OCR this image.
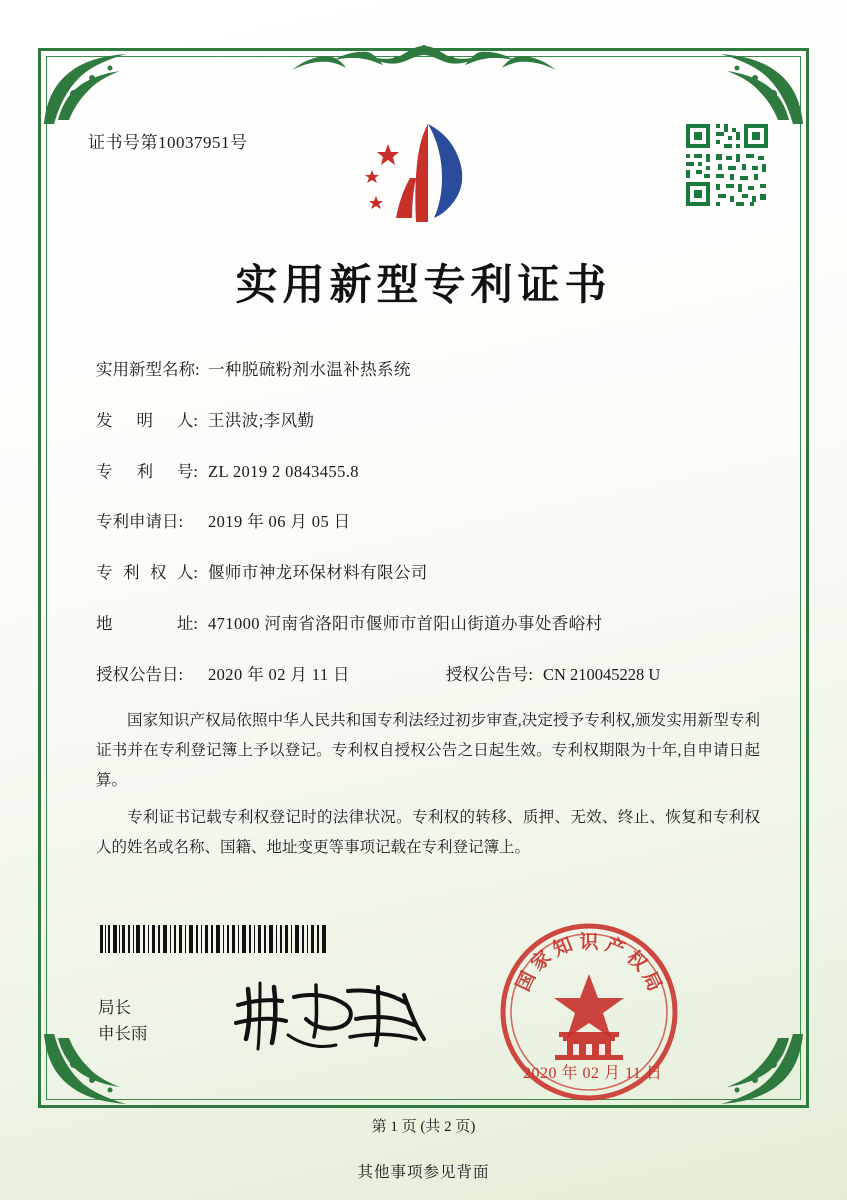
证书号第10037951号
实用新型专利证书
实用新型名称: 一种脱硫粉剂水温补热系统
发 明 人: 王洪波;李风勤
专 利 号: ZL 2019 2 0843455.8
专利申请日:	2019 年 06 月 05 日
专 利 权 人: 偃师市神龙环保材料有限公司
地	址: 471000 河南省洛阳市偃师市首阳山街道办事处香峪村
授权公告日:	2020 年 02 月 11 日	授权公告号: CN 210045228 U

国家知识产权局依照中华人民共和国专利法经过初步审查,决定授予专利权,颁发实用新型专利证书并在专利登记簿上予以登记。专利权自授权公告之日起生效。专利权期限为十年,自申请日起算。

专利证书记载专利权登记时的法律状况。专利权的转移、质押、无效、终止、恢复和专利权人的姓名或名称、国籍、地址变更等事项记载在专利登记簿上。

局长
申长雨
国
家
知 识 产
权
局
2020 年 02 月 11 日
第 1 页 (共 2 页)
其他事项参见背面
